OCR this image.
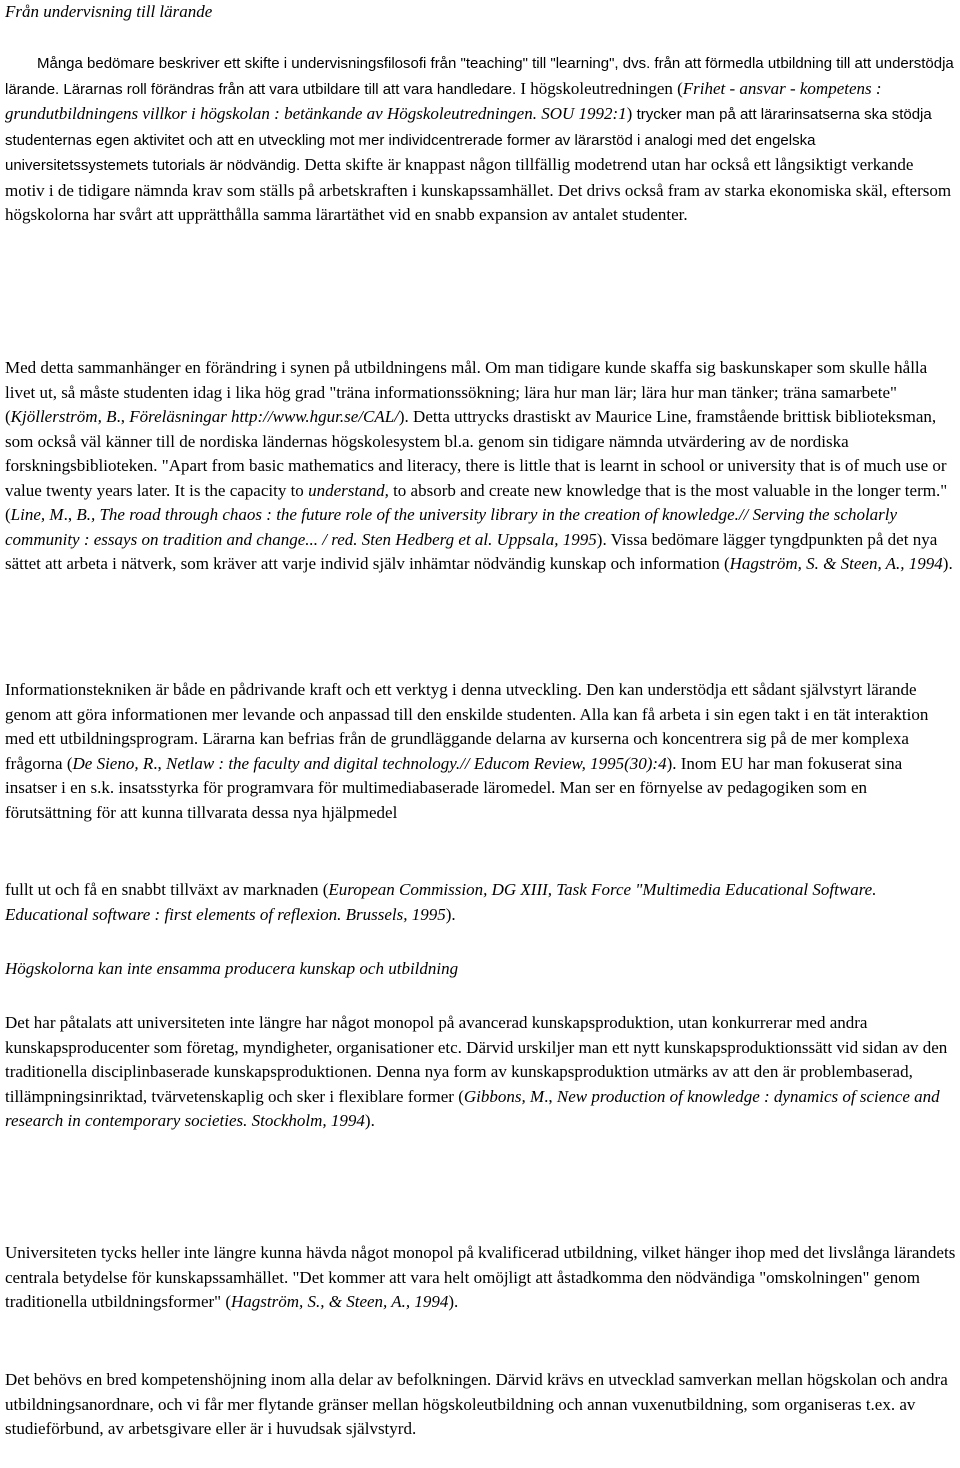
Från undervisning till lärande

Många bedömare beskriver ett skifte i undervisningsfilosofi från "teaching" till "learning", dvs. från att förmedla utbildning till att understödja lärande. Lärarnas roll förändras från att vara utbildare till att vara handledare. I högskoleutredningen (Frihet - ansvar - kompetens : grundutbildningens villkor i högskolan : betänkande av Högskoleutredningen. SOU 1992:1) trycker man på att lärarinsatserna ska stödja studenternas egen aktivitet och att en utveckling mot mer individcentrerade former av lärarstöd i analogi med det engelska universitetssystemets tutorials är nödvändig. Detta skifte är knappast någon tillfällig modetrend utan har också ett långsiktigt verkande motiv i de tidigare nämnda krav som ställs på arbetskraften i kunskapssamhället. Det drivs också fram av starka ekonomiska skäl, eftersom högskolorna har svårt att upprätthålla samma lärartäthet vid en snabb expansion av antalet studenter.

Med detta sammanhänger en förändring i synen på utbildningens mål. Om man tidigare kunde skaffa sig baskunskaper som skulle hålla livet ut, så måste studenten idag i lika hög grad "träna informationssökning; lära hur man lär; lära hur man tänker; träna samarbete" (Kjöllerström, B., Föreläsningar http://www.hgur.se/CAL/). Detta uttrycks drastiskt av Maurice Line, framstående brittisk biblioteksman, som också väl känner till de nordiska ländernas högskolesystem bl.a. genom sin tidigare nämnda utvärdering av de nordiska forskningsbiblioteken. "Apart from basic mathematics and literacy, there is little that is learnt in school or university that is of much use or value twenty years later. It is the capacity to understand, to absorb and create new knowledge that is the most valuable in the longer term." (Line, M., B., The road through chaos : the future role of the university library in the creation of knowledge.// Serving the scholarly community : essays on tradition and change... / red. Sten Hedberg et al. Uppsala, 1995). Vissa bedömare lägger tyngdpunkten på det nya sättet att arbeta i nätverk, som kräver att varje individ själv inhämtar nödvändig kunskap och information (Hagström, S. & Steen, A., 1994).

Informationstekniken är både en pådrivande kraft och ett verktyg i denna utveckling. Den kan understödja ett sådant självstyrt lärande genom att göra informationen mer levande och anpassad till den enskilde studenten. Alla kan få arbeta i sin egen takt i en tät interaktion med ett utbildningsprogram. Lärarna kan befrias från de grundläggande delarna av kurserna och koncentrera sig på de mer komplexa frågorna (De Sieno, R., Netlaw : the faculty and digital technology.// Educom Review, 1995(30):4). Inom EU har man fokuserat sina insatser i en s.k. insatsstyrka för programvara för multimediabaserade läromedel. Man ser en förnyelse av pedagogiken som en förutsättning för att kunna tillvarata dessa nya hjälpmedel

fullt ut och få en snabbt tillväxt av marknaden (European Commission, DG XIII, Task Force "Multimedia Educational Software. Educational software : first elements of reflexion. Brussels, 1995).

Högskolorna kan inte ensamma producera kunskap och utbildning

Det har påtalats att universiteten inte längre har något monopol på avancerad kunskapsproduktion, utan konkurrerar med andra kunskapsproducenter som företag, myndigheter, organisationer etc. Därvid urskiljer man ett nytt kunskapsproduktionssätt vid sidan av den traditionella disciplinbaserade kunskapsproduktionen. Denna nya form av kunskapsproduktion utmärks av att den är problembaserad, tillämpningsinriktad, tvärvetenskaplig och sker i flexiblare former (Gibbons, M., New production of knowledge : dynamics of science and research in contemporary societies. Stockholm, 1994).

Universiteten tycks heller inte längre kunna hävda något monopol på kvalificerad utbildning, vilket hänger ihop med det livslånga lärandets centrala betydelse för kunskapssamhället. "Det kommer att vara helt omöjligt att åstadkomma den nödvändiga "omskolningen" genom traditionella utbildningsformer" (Hagström, S., & Steen, A., 1994).

Det behövs en bred kompetenshöjning inom alla delar av befolkningen. Därvid krävs en utvecklad samverkan mellan högskolan och andra utbildningsanordnare, och vi får mer flytande gränser mellan högskoleutbildning och annan vuxenutbildning, som organiseras t.ex. av studieförbund, av arbetsgivare eller är i huvudsak självstyrd.
